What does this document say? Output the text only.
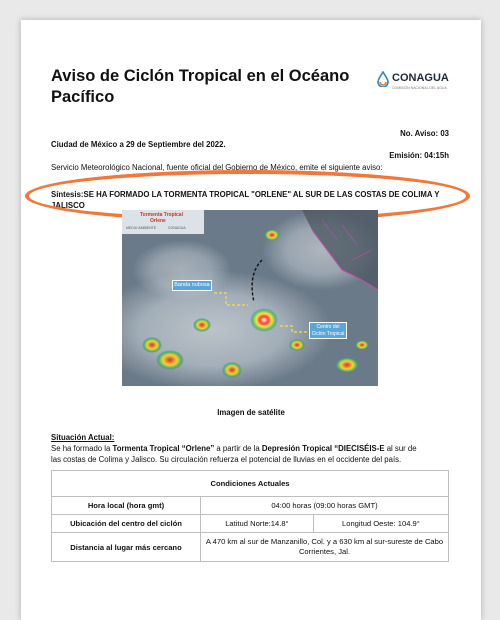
Aviso de Ciclón Tropical en el Océano Pacífico
CONAGUA
COMISIÓN NACIONAL DEL AGUA
No. Aviso: 03
Ciudad de México a 29 de Septiembre del 2022.
Emisión: 04:15h
Servicio Meteorológico Nacional, fuente oficial del Gobierno de México, emite el siguiente aviso:
Síntesis:SE HA FORMADO LA TORMENTA TROPICAL "ORLENE" AL SUR DE LAS COSTAS DE COLIMA Y JALISCO
Tormenta Tropical
Orlene
MEDIO AMBIENTE	CONAGUA
Banda nubosa
Centro del Ciclón Tropical
Imagen de satélite
Situación Actual:
Se ha formado la Tormenta Tropical “Orlene” a partir de la Depresión Tropical “DIECISÉIS-E al sur de
las costas de Colima y Jalisco. Su circulación refuerza el potencial de lluvias en el occidente del país.
Condiciones Actuales		
Hora local (hora gmt)	04:00 horas (09:00 horas GMT)	
Ubicación del centro del ciclón	Latitud Norte:14.8°	Longitud Oeste: 104.9°
Distancia al lugar más cercano	A 470 km al sur de Manzanillo, Col. y a 630 km al sur-sureste de Cabo
Corrientes, Jal.	
